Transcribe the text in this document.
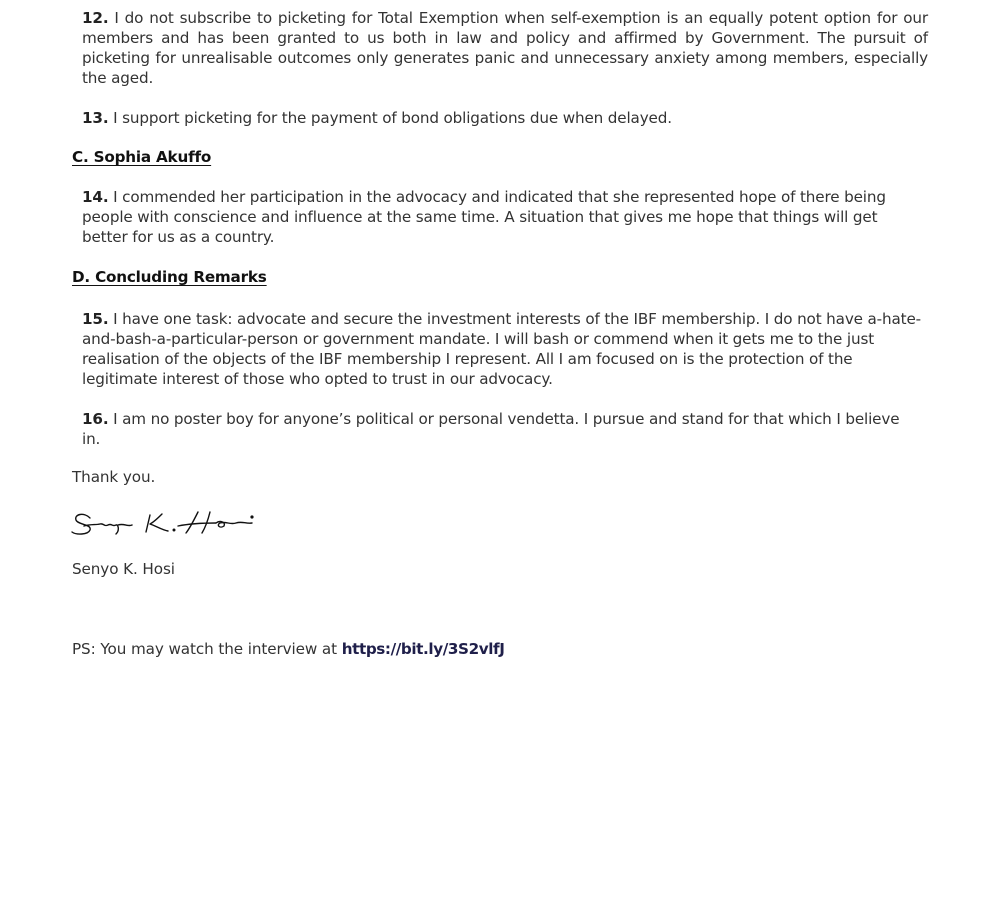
12. I do not subscribe to picketing for Total Exemption when self-exemption is an equally potent option for our members and has been granted to us both in law and policy and affirmed by Government. The pursuit of picketing for unrealisable outcomes only generates panic and unnecessary anxiety among members, especially the aged.

13. I support picketing for the payment of bond obligations due when delayed.

C. Sophia Akuffo

14. I commended her participation in the advocacy and indicated that she represented hope of there being people with conscience and influence at the same time. A situation that gives me hope that things will get better for us as a country.

D. Concluding Remarks

15. I have one task: advocate and secure the investment interests of the IBF membership. I do not have a-hate-and-bash-a-particular-person or government mandate. I will bash or commend when it gets me to the just realisation of the objects of the IBF membership I represent. All I am focused on is the protection of the legitimate interest of those who opted to trust in our advocacy.

16. I am no poster boy for anyone’s political or personal vendetta. I pursue and stand for that which I believe in.

Thank you.

Senyo K. Hosi

PS: You may watch the interview at https://bit.ly/3S2vlfJ
